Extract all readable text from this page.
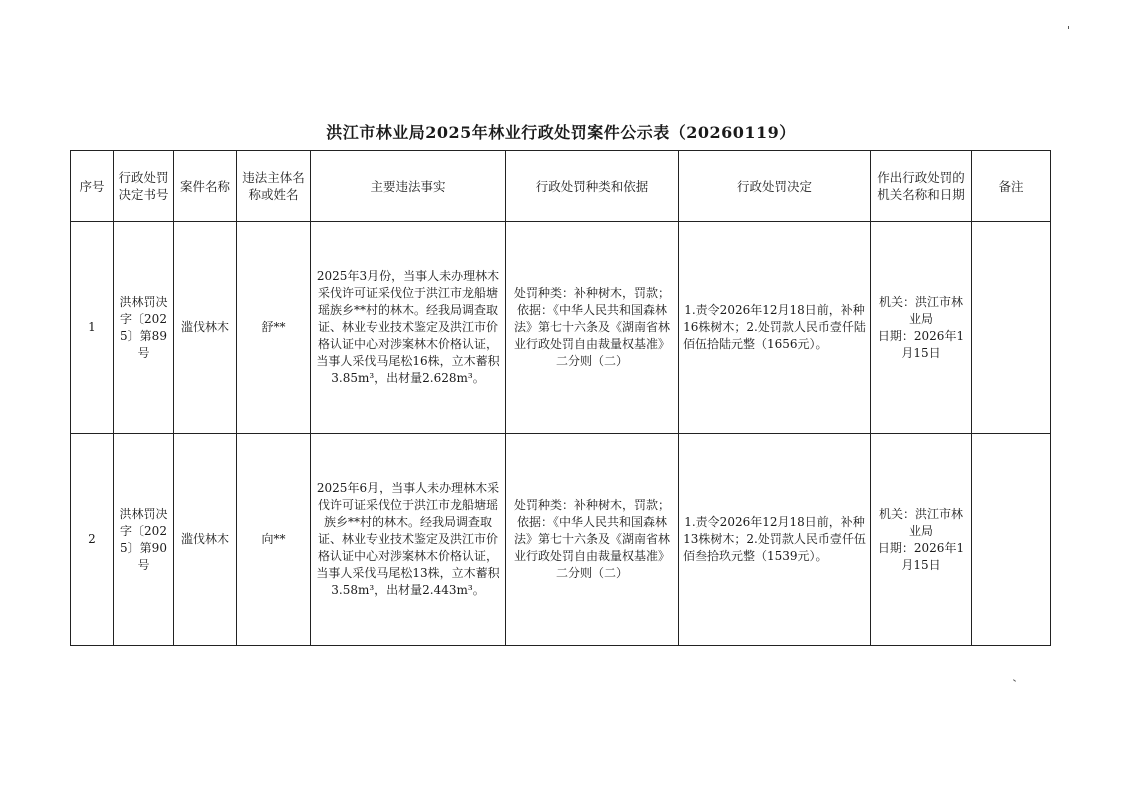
洪江市林业局2025年林业行政处罚案件公示表（20260119）
序号	行政处罚决定书号	案件名称	违法主体名称或姓名	主要违法事实	行政处罚种类和依据	行政处罚决定	作出行政处罚的机关名称和日期	备注
1	洪林罚决字〔2025〕第89号	滥伐林木	舒**	2025年3月份，当事人未办理林木采伐许可证采伐位于洪江市龙船塘瑶族乡**村的林木。经我局调查取证、林业专业技术鉴定及洪江市价格认证中心对涉案林木价格认证，当事人采伐马尾松16株，立木蓄积3.85m³，出材量2.628m³。	处罚种类：补种树木，罚款；依据：《中华人民共和国森林法》第七十六条及《湖南省林业行政处罚自由裁量权基准》二分则（二）	1.责令2026年12月18日前，补种16株树木；2.处罚款人民币壹仟陆佰伍拾陆元整（1656元）。	机关：洪江市林业局
日期：2026年1月15日	

2	洪林罚决字〔2025〕第90号	滥伐林木	向**	2025年6月，当事人未办理林木采伐许可证采伐位于洪江市龙船塘瑶族乡**村的林木。经我局调查取证、林业专业技术鉴定及洪江市价格认证中心对涉案林木价格认证，当事人采伐马尾松13株，立木蓄积3.58m³，出材量2.443m³。	处罚种类：补种树木，罚款；依据：《中华人民共和国森林法》第七十六条及《湖南省林业行政处罚自由裁量权基准》二分则（二）	1.责令2026年12月18日前，补种13株树木；2.处罚款人民币壹仟伍佰叁拾玖元整（1539元）。	机关：洪江市林业局
日期：2026年1月15日	
